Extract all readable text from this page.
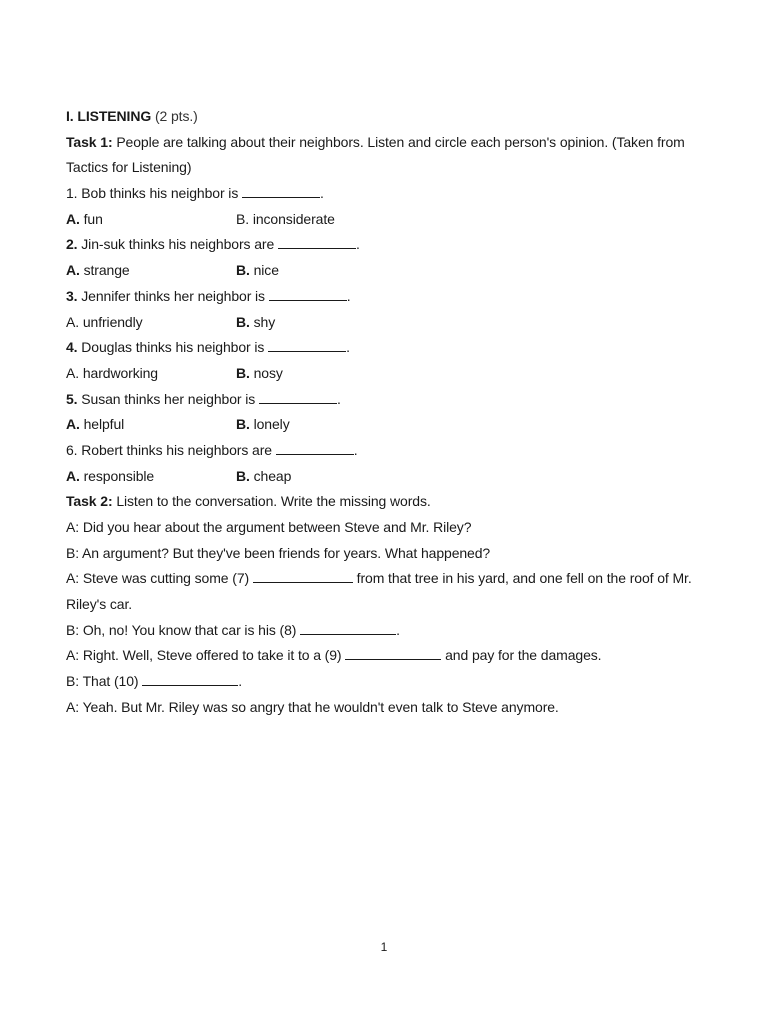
I. LISTENING (2 pts.)
Task 1: People are talking about their neighbors. Listen and circle each person's opinion. (Taken from Tactics for Listening)
1. Bob thinks his neighbor is	.
A. fun	B. inconsiderate
2. Jin-suk thinks his neighbors are	.
A. strange	B. nice
3. Jennifer thinks her neighbor is	.
A. unfriendly	B. shy
4. Douglas thinks his neighbor is	.
A. hardworking	B. nosy
5. Susan thinks her neighbor is	.
A. helpful	B. lonely
6. Robert thinks his neighbors are	.
A. responsible	B. cheap
Task 2: Listen to the conversation. Write the missing words.
A: Did you hear about the argument between Steve and Mr. Riley?
B: An argument? But they've been friends for years. What happened?
A: Steve was cutting some (7)	from that tree in his yard, and one fell on the roof of Mr.
Riley's car.
B: Oh, no! You know that car is his (8)	.
A: Right. Well, Steve offered to take it to a (9)	and pay for the damages.
B: That (10)	.
A: Yeah. But Mr. Riley was so angry that he wouldn't even talk to Steve anymore.
1
